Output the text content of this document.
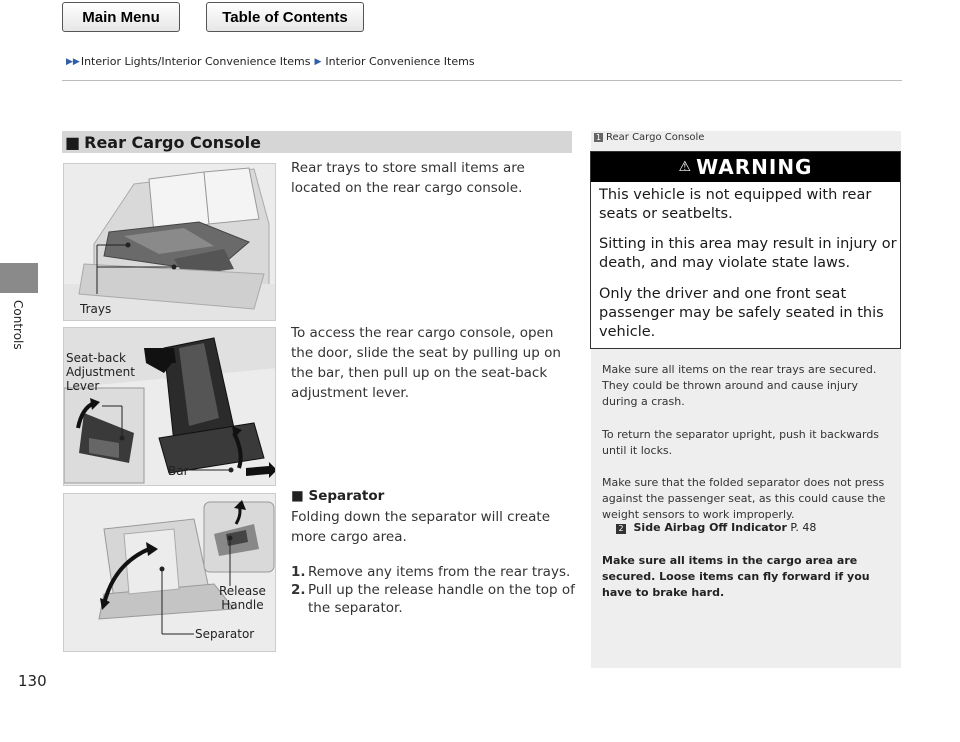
Main Menu	Table of Contents
▶▶ Interior Lights/Interior Convenience Items ▶ Interior Convenience Items
Controls
130
■ Rear Cargo Console
Trays
Seat-back
Adjustment
Lever
Bar
Release
Handle
Separator

Rear trays to store small items are located on the rear cargo console.

To access the rear cargo console, open the door, slide the seat by pulling up on the bar, then pull up on the seat-back adjustment lever.

■ Separator

Folding down the separator will create more cargo area.

1. Remove any items from the rear trays.
2. Pull up the release handle on the top of the separator.
1 Rear Cargo Console
⚠ WARNING

This vehicle is not equipped with rear seats or seatbelts.

Sitting in this area may result in injury or death, and may violate state laws.

Only the driver and one front seat passenger may be safely seated in this vehicle.

Make sure all items on the rear trays are secured. They could be thrown around and cause injury during a crash.

To return the separator upright, push it backwards until it locks.

Make sure that the folded separator does not press against the passenger seat, as this could cause the weight sensors to work improperly.

2 Side Airbag Off Indicator P. 48

Make sure all items in the cargo area are secured. Loose items can fly forward if you have to brake hard.
